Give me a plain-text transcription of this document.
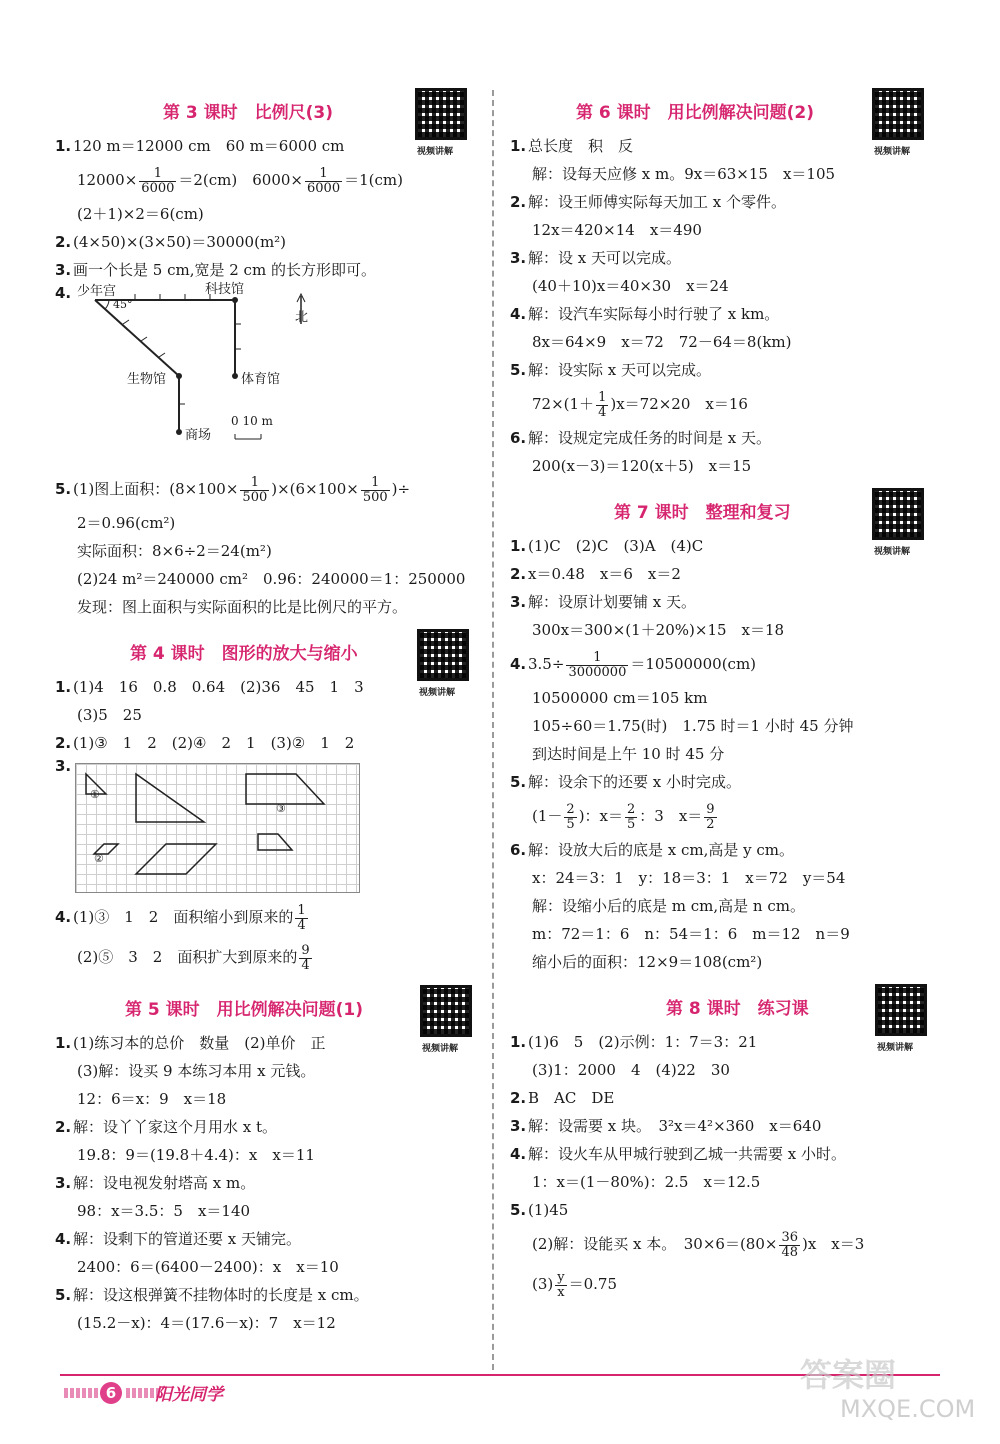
第 3 课时　比例尺(3)
视频讲解
1. 120 m＝12000 cm　60 m＝6000 cm
$12000\times \frac{1}{6000} =2(cm)$　$6000\times \frac{1}{6000} =1(cm)$
(2＋1)×2＝6(cm)
2. (4×50)×(3×50)＝30000(m²)
3. 画一个长是 5 cm,宽是 2 cm 的长方形即可。
4. 少年宫	科技馆
45°
北
生物馆	体育馆
商场
0 10 m
5. (1)图上面积：$(8\times 100\times \frac{1}{500} )\times(6\times 100\times \frac{1}{500}$ )÷
2＝0.96(cm²)
实际面积：8×6÷2＝24(m²)
(2)24 m²＝240000 cm²　0.96：240000＝1：250000
发现：图上面积与实际面积的比是比例尺的平方。
第 4 课时　图形的放大与缩小
视频讲解
1. (1)4　16　0.8　0.64　(2)36　45　1　3
(3)5　25
2. (1)③　1　2　(2)④　2　1　(3)②　1　2
3.
①
②
③
4. (1)③　1　2　面积缩小到原来的 $\frac{1}{4}$
(2)⑤　3　2　面积扩大到原来的 $\frac{9}{4}$
第 5 课时　用比例解决问题(1)
视频讲解
1. (1)练习本的总价　数量　(2)单价　正
(3)解：设买 9 本练习本用 x 元钱。
12：6＝x：9　x＝18
2. 解：设丫丫家这个月用水 x t。
19.8：9＝(19.8＋4.4)：x　x＝11
3. 解：设电视发射塔高 x m。
98：x＝3.5：5　x＝140
4. 解：设剩下的管道还要 x 天铺完。
2400：6＝(6400－2400)：x　x＝10
5. 解：设这根弹簧不挂物体时的长度是 x cm。
(15.2－x)：4＝(17.6－x)：7　x＝12
第 6 课时　用比例解决问题(2)
视频讲解
1. 总长度　积　反
解：设每天应修 x m。9x＝63×15　x＝105
2. 解：设王师傅实际每天加工 x 个零件。
12x＝420×14　x＝490
3. 解：设 x 天可以完成。
(40＋10)x＝40×30　x＝24
4. 解：设汽车实际每小时行驶了 x km。
8x＝64×9　x＝72　72－64＝8(km)
5. 解：设实际 x 天可以完成。
$72\times(1+ \frac{1}{4} )x=72\times 20$　x＝16
6. 解：设规定完成任务的时间是 x 天。
200(x－3)＝120(x＋5)　x＝15
第 7 课时　整理和复习
视频讲解
1. (1)C　(2)C　(3)A　(4)C
2. x＝0.48　x＝6　x＝2
3. 解：设原计划要铺 x 天。
300x＝300×(1＋20%)×15　x＝18
4. $3.5\div \frac{1}{3000000} =10500000(cm)$
10500000 cm＝105 km
105÷60＝1.75(时)　1.75 时＝1 小时 45 分钟
到达时间是上午 10 时 45 分
5. 解：设余下的还要 x 小时完成。
($1- \frac{2}{5}$ )：$x= \frac{2}{5}$ ：3　$x= \frac{9}{2}$
6. 解：设放大后的底是 x cm,高是 y cm。
x：24＝3：1　y：18＝3：1　x＝72　y＝54
解：设缩小后的底是 m cm,高是 n cm。
m：72＝1：6　n：54＝1：6　m＝12　n＝9
缩小后的面积：12×9＝108(cm²)
第 8 课时　练习课
视频讲解
1. (1)6　5　(2)示例：1：7＝3：21
(3)1：2000　4　(4)22　30
2. B　AC　DE
3. 解：设需要 x 块。　3²x＝4²×360　x＝640
4. 解：设火车从甲城行驶到乙城一共需要 x 小时。
1：x＝(1－80%)：2.5　x＝12.5
5. (1)45
(2)解：设能买 x 本。　$30\times 6=(80\times \frac{36}{48} )x$　x＝3
$(3) \frac{y}{x} =0.75$
6	阳光同学
答案圈
MXQE.COM
